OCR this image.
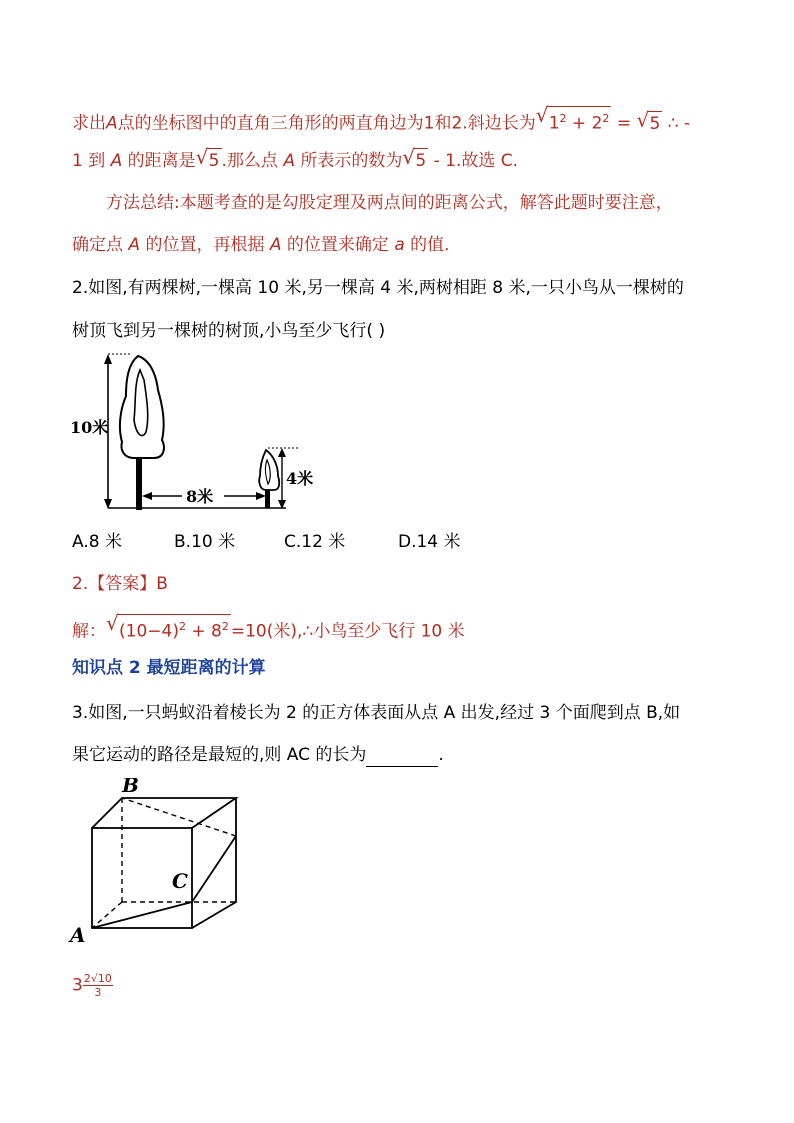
求出A点的坐标图中的直角三角形的两直角边为1和2.斜边长为 √ $1^2 + 2^2$ = √ 5 ∴ -
1 到 A 的距离是 √ 5 .那么点 A 所表示的数为 √ 5 - 1.故选 C.
方法总结:本题考查的是勾股定理及两点间的距离公式，解答此题时要注意，
确定点 A 的位置，再根据 A 的位置来确定 a 的值．
2.如图,有两棵树,一棵高 10 米,另一棵高 4 米,两树相距 8 米,一只小鸟从一棵树的
树顶飞到另一棵树的树顶,小鸟至少飞行( )
10米
8米
4米
A.8 米	B.10 米	C.12 米	D.14 米
2.【答案】B
解： √ $(10-4)^2 + 8^2 =10$(米),∴小鸟至少飞行 10 米
知识点 2 最短距离的计算
3.如图,一只蚂蚁沿着棱长为 2 的正方体表面从点 A 出发,经过 3 个面爬到点 B,如
果它运动的路径是最短的,则 AC 的长为	.
B
C
A
$3 \frac{2√10}{3}$
